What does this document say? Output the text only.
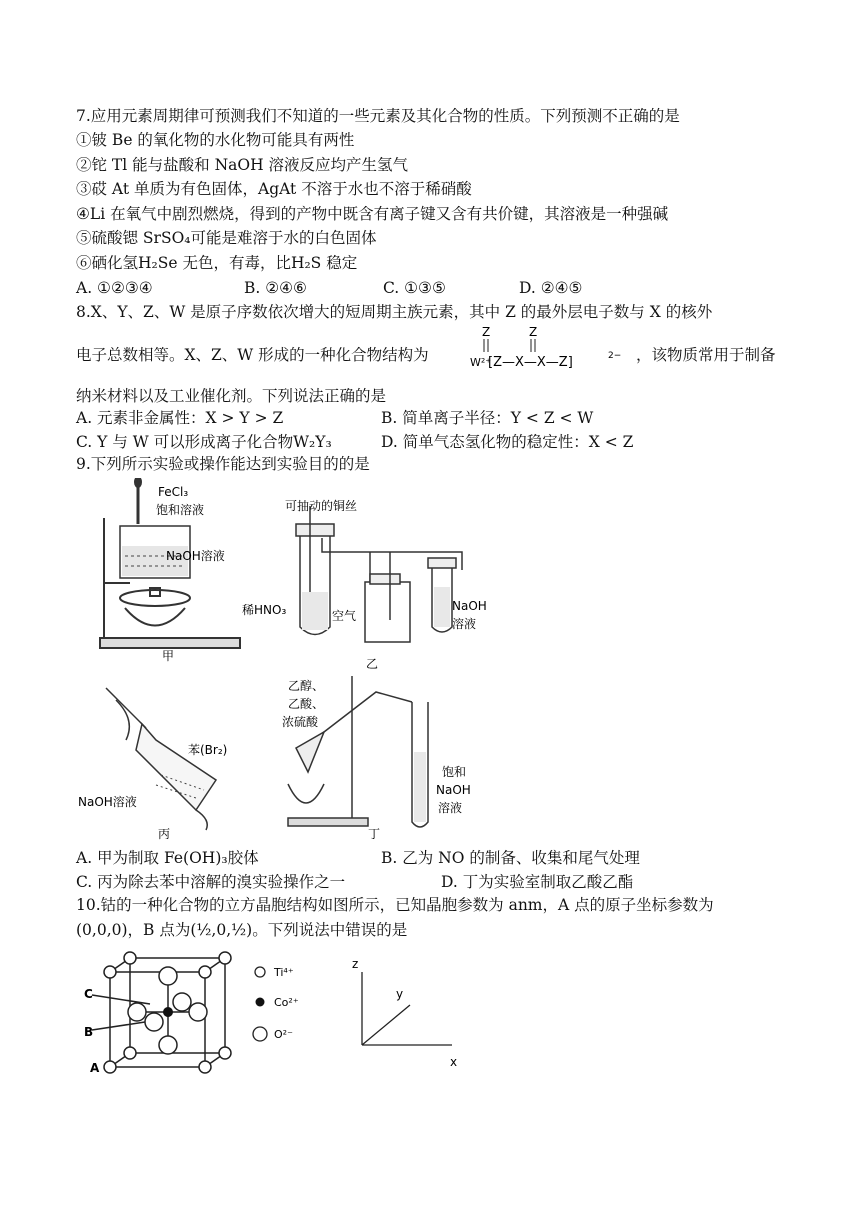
7.应用元素周期律可预测我们不知道的一些元素及其化合物的性质。下列预测不正确的是
①铍 Be 的氧化物的水化物可能具有两性
②铊 Tl 能与盐酸和 NaOH 溶液反应均产生氢气
③砹 At 单质为有色固体，AgAt 不溶于水也不溶于稀硝酸
④Li 在氧气中剧烈燃烧，得到的产物中既含有离子键又含有共价键，其溶液是一种强碱
⑤硫酸锶 SrSO₄可能是难溶于水的白色固体
⑥硒化氢H₂Se 无色，有毒，比H₂S 稳定
A. ①②③④	B. ②④⑥	C. ①③⑤	D. ②④⑤
8.X、Y、Z、W 是原子序数依次增大的短周期主族元素，其中 Z 的最外层电子数与 X 的核外
电子总数相等。X、Z、W 形成的一种化合物结构为
Z	Z
W²⁺
[Z—X—X—Z]	2− ，该物质常用于制备
纳米材料以及工业催化剂。下列说法正确的是
A. 元素非金属性：X > Y > Z	B. 简单离子半径：Y < Z < W
C. Y 与 W 可以形成离子化合物W₂Y₃	D. 简单气态氢化物的稳定性：X < Z
9.下列所示实验或操作能达到实验目的的是
FeCl₃
饱和溶液
NaOH溶液
甲
可抽动的铜丝
稀HNO₃	空气
NaOH
溶液
乙
苯(Br₂)
NaOH溶液
丙
乙醇、
乙酸、
浓硫酸
饱和
NaOH
溶液
丁
A. 甲为制取 Fe(OH)₃胶体	B. 乙为 NO 的制备、收集和尾气处理
C. 丙为除去苯中溶解的溴实验操作之一	D. 丁为实验室制取乙酸乙酯
10.钴的一种化合物的立方晶胞结构如图所示，已知晶胞参数为 anm，A 点的原子坐标参数为
(0,0,0)，B 点为(½,0,½)。下列说法中错误的是
C
B
A
Ti⁴⁺
Co²⁺
O²⁻
z
y
x
